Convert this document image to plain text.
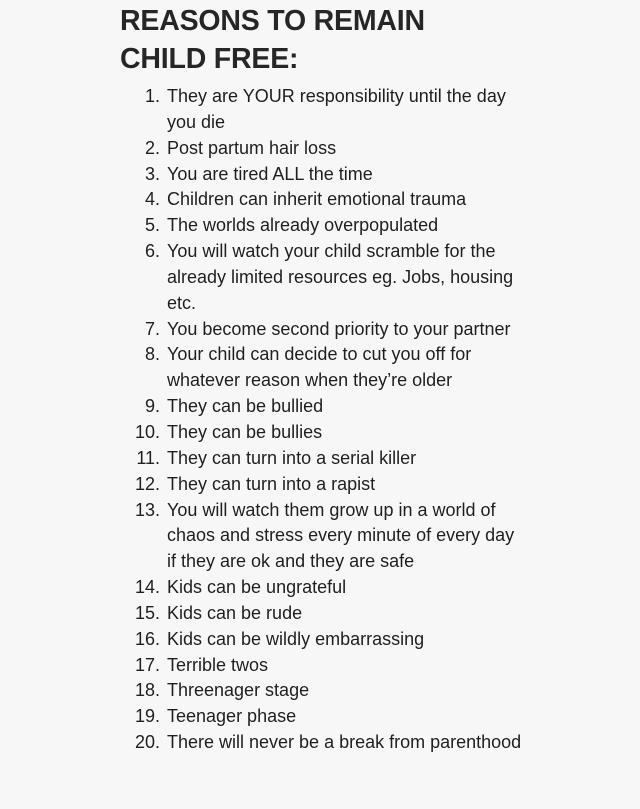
REASONS TO REMAIN
CHILD FREE:
1. They are YOUR responsibility until the day you die
2. Post partum hair loss
3. You are tired ALL the time
4. Children can inherit emotional trauma
5. The worlds already overpopulated
6. You will watch your child scramble for the already limited resources eg. Jobs, housing etc.
7. You become second priority to your partner
8. Your child can decide to cut you off for whatever reason when they’re older
9. They can be bullied
10. They can be bullies
11. They can turn into a serial killer
12. They can turn into a rapist
13. You will watch them grow up in a world of chaos and stress every minute of every day if they are ok and they are safe
14. Kids can be ungrateful
15. Kids can be rude
16. Kids can be wildly embarrassing
17. Terrible twos
18. Threenager stage
19. Teenager phase
20. There will never be a break from parenthood
